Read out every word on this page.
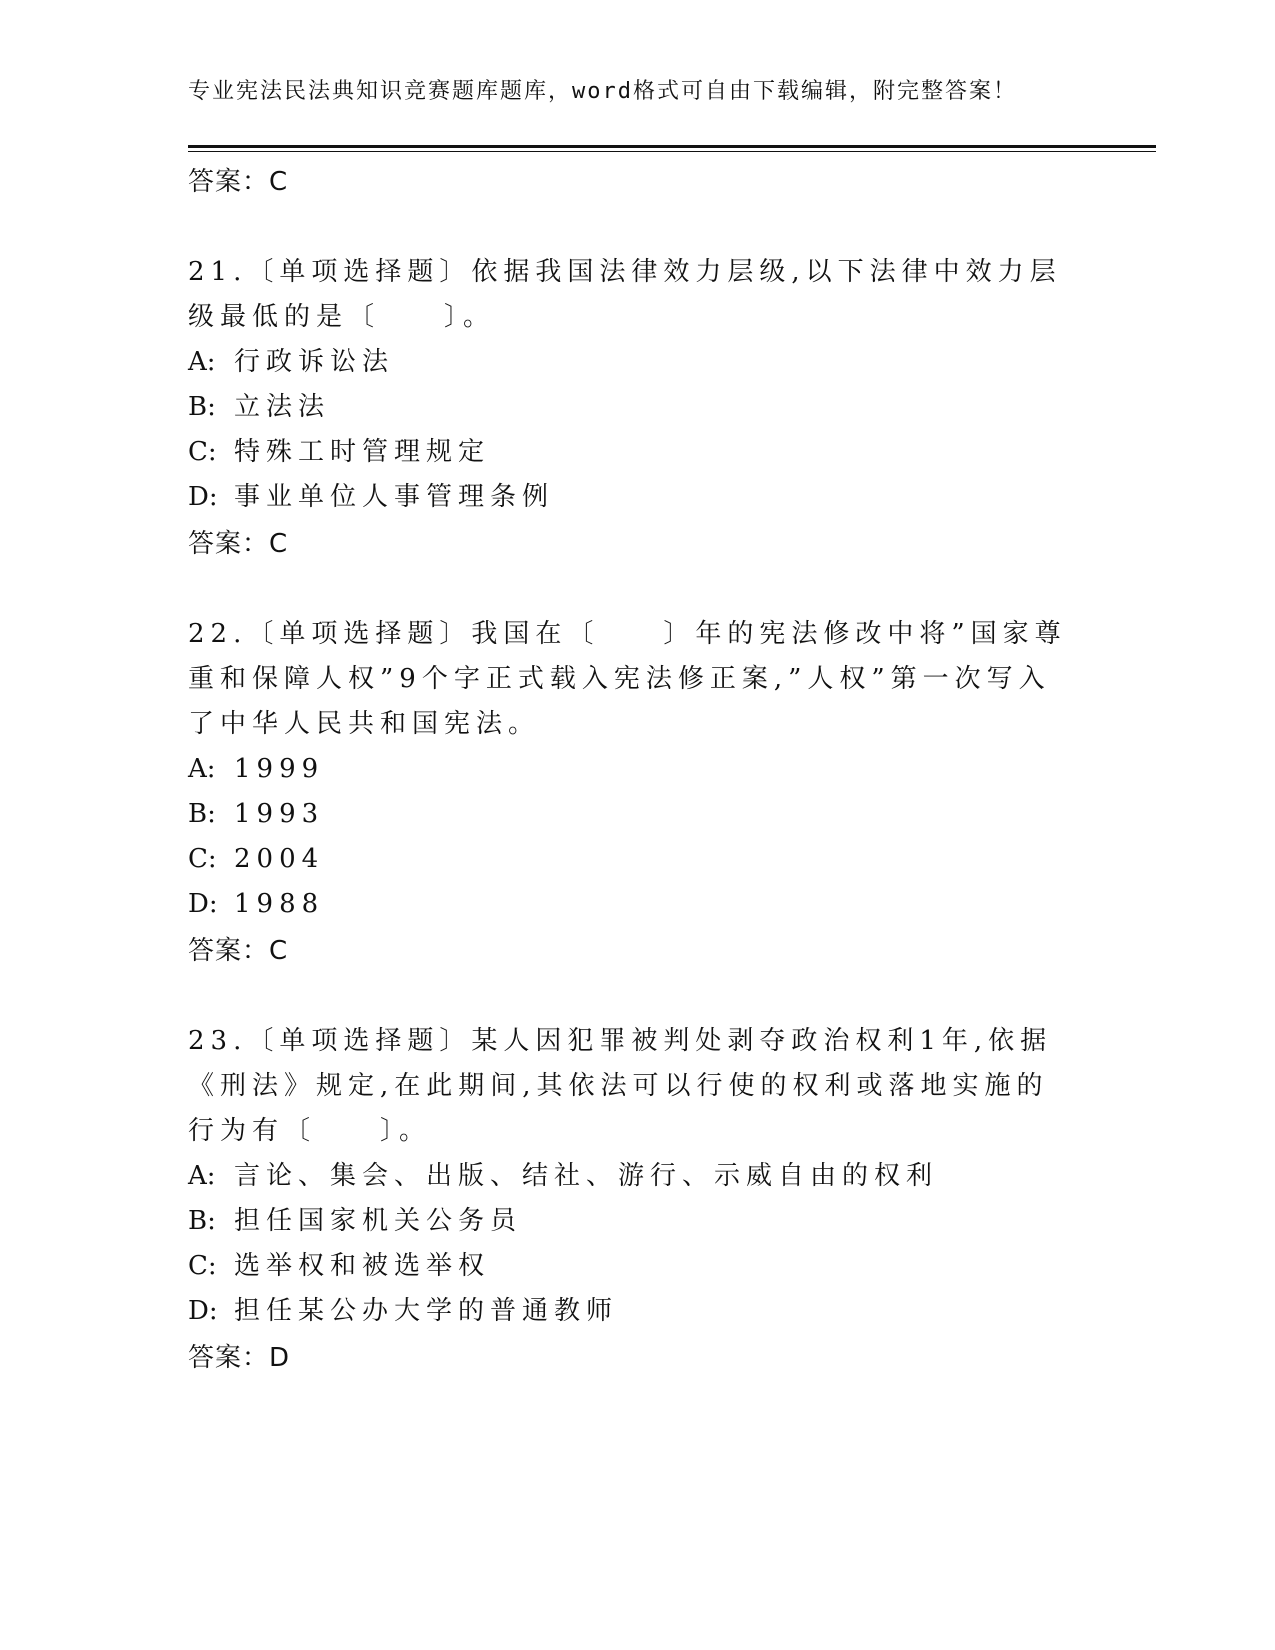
专业宪法民法典知识竞赛题库题库，word格式可自由下载编辑，附完整答案！
答案：C
21.〔单项选择题〕依据我国法律效力层级,以下法律中效力层级最低的是〔　　〕。
A: 行政诉讼法
B: 立法法
C: 特殊工时管理规定
D: 事业单位人事管理条例
答案：C
22.〔单项选择题〕我国在〔　　〕年的宪法修改中将”国家尊重和保障人权”9个字正式载入宪法修正案,”人权”第一次写入了中华人民共和国宪法。
A: 1999
B: 1993
C: 2004
D: 1988
答案：C
23.〔单项选择题〕某人因犯罪被判处剥夺政治权利1年,依据《刑法》规定,在此期间,其依法可以行使的权利或落地实施的行为有〔　　〕。
A: 言论、集会、出版、结社、游行、示威自由的权利
B: 担任国家机关公务员
C: 选举权和被选举权
D: 担任某公办大学的普通教师
答案：D
